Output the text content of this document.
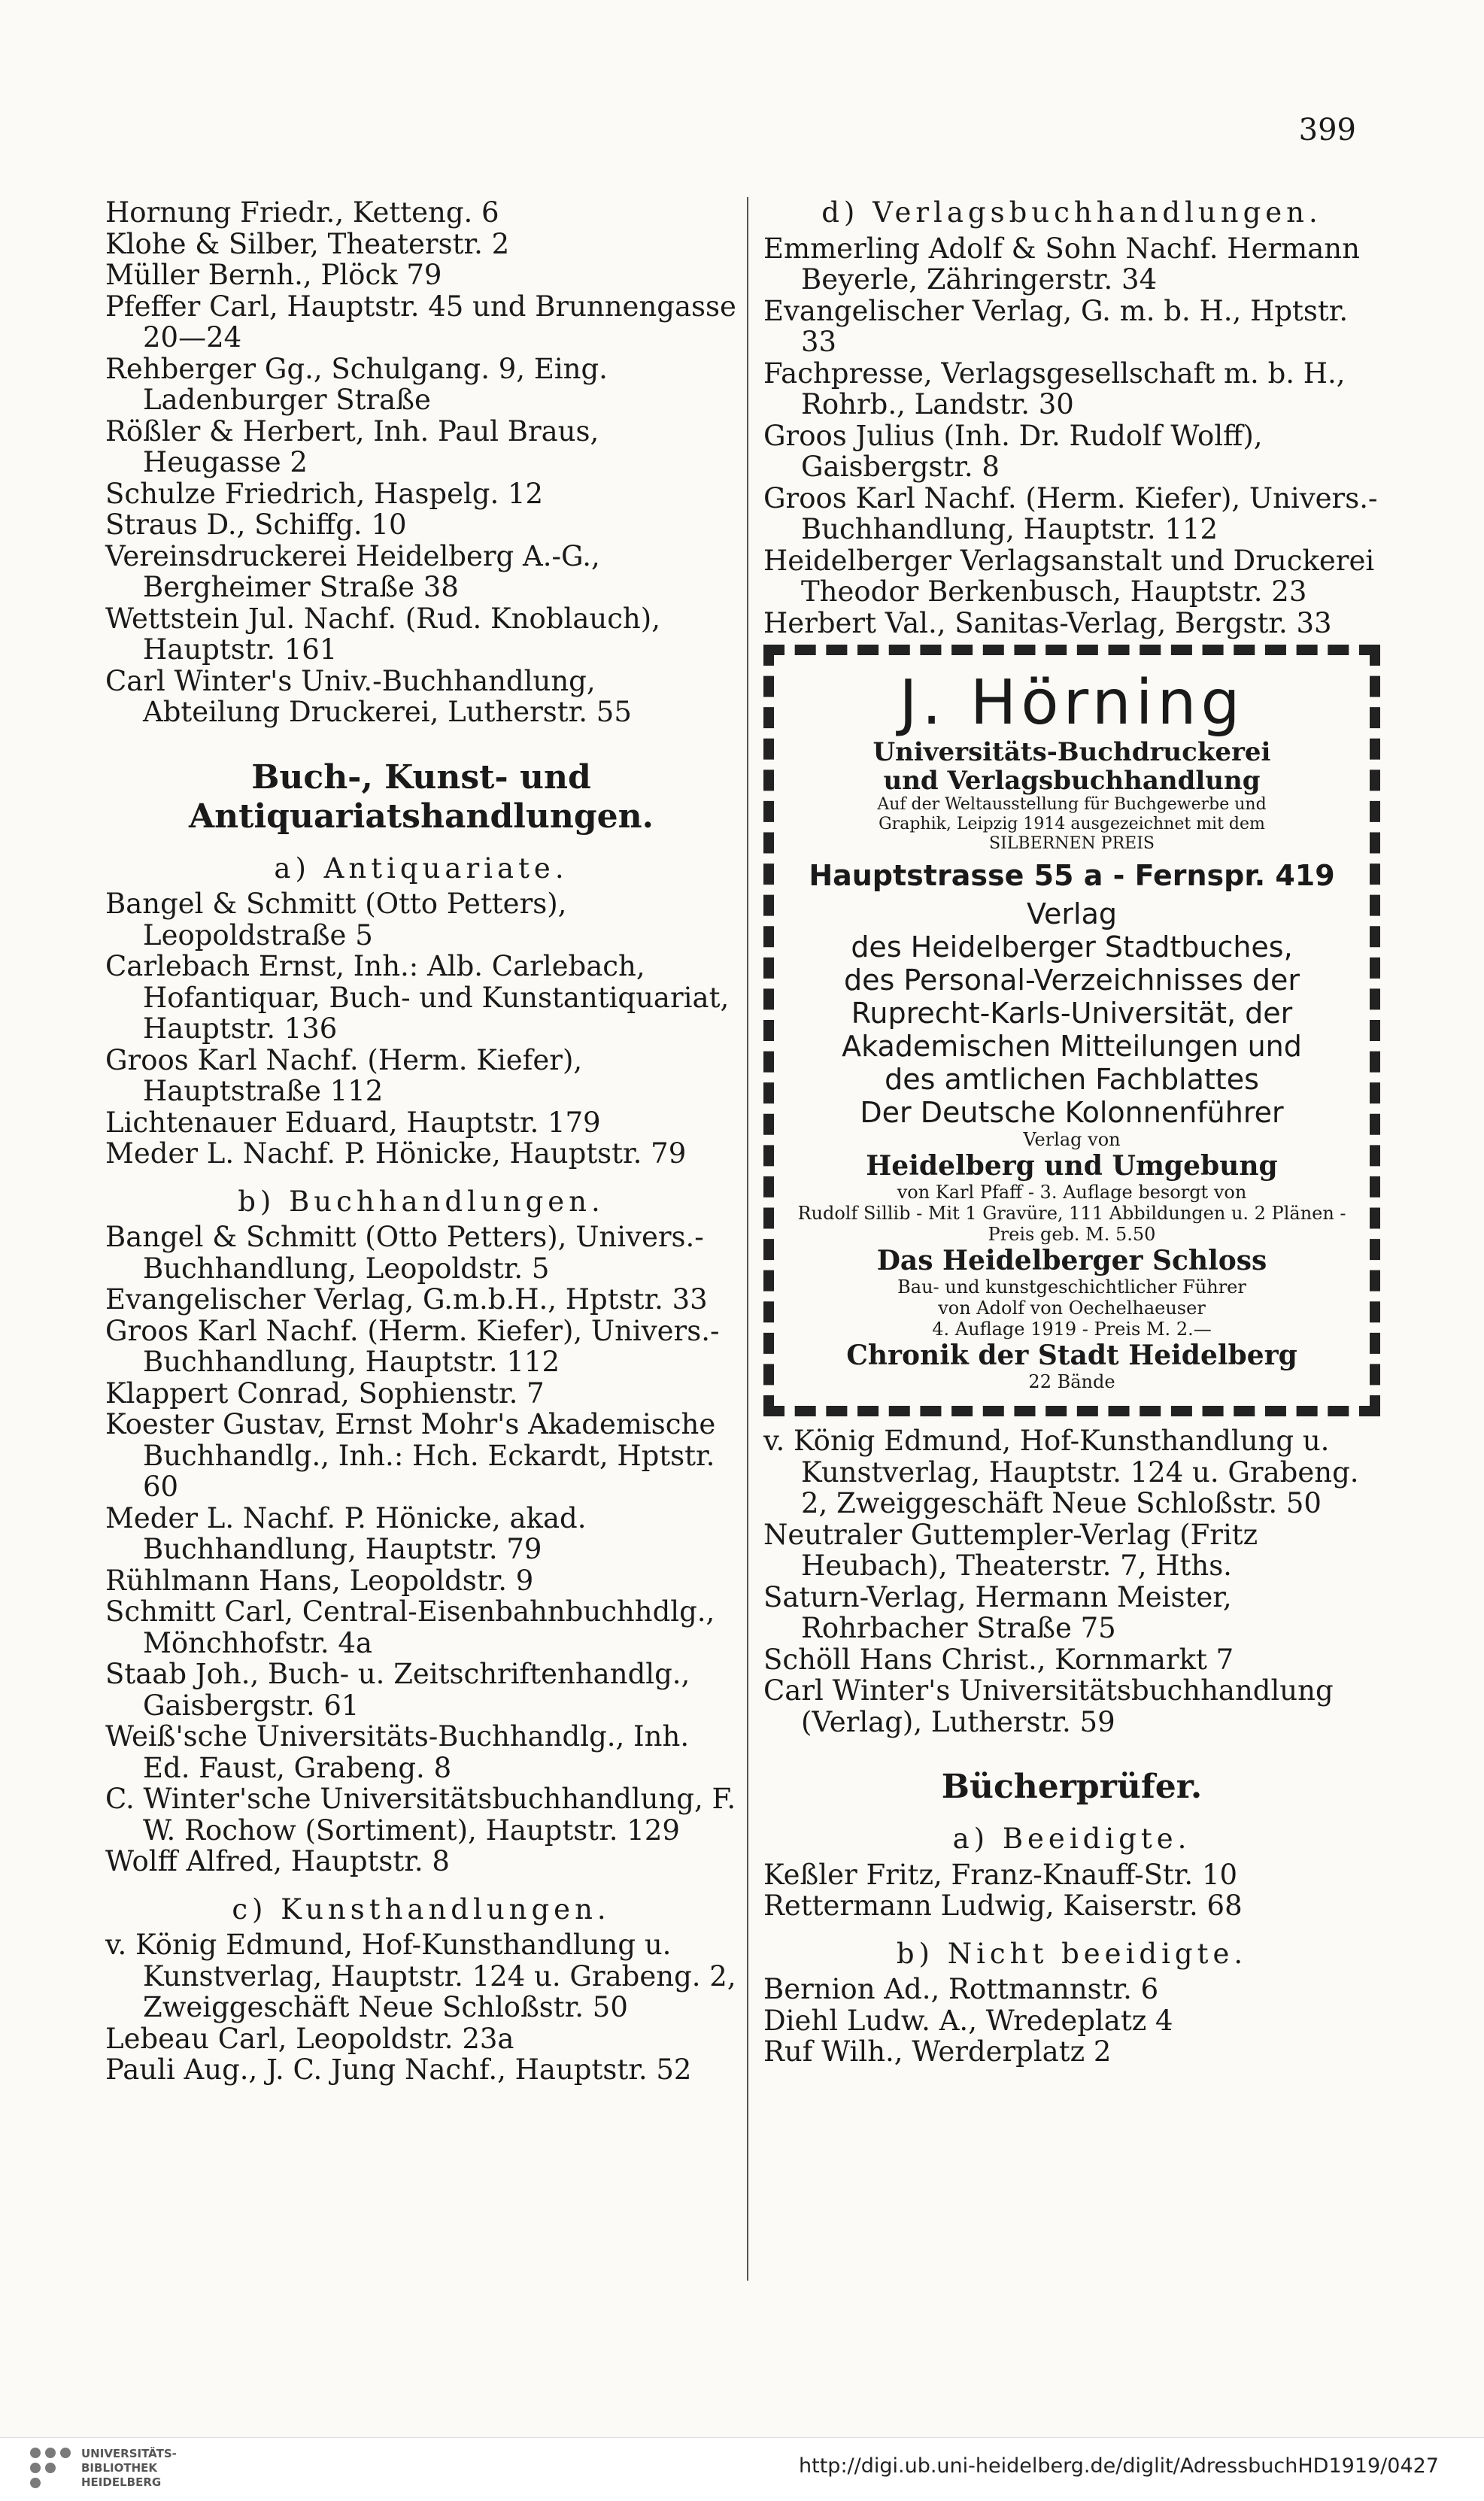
399
Hornung Friedr., Ketteng. 6
Klohe & Silber, Theaterstr. 2
Müller Bernh., Plöck 79
Pfeffer Carl, Hauptstr. 45 und Brunnengasse 20—24
Rehberger Gg., Schulgang. 9, Eing. Ladenburger Straße
Rößler & Herbert, Inh. Paul Braus, Heugasse 2
Schulze Friedrich, Haspelg. 12
Straus D., Schiffg. 10
Vereinsdruckerei Heidelberg A.-G., Bergheimer Straße 38
Wettstein Jul. Nachf. (Rud. Knoblauch), Hauptstr. 161
Carl Winter's Univ.-Buchhandlung, Abteilung Druckerei, Lutherstr. 55
Buch-, Kunst- und Antiquariatshandlungen.
a) Antiquariate.
Bangel & Schmitt (Otto Petters), Leopoldstraße 5
Carlebach Ernst, Inh.: Alb. Carlebach, Hofantiquar, Buch- und Kunstantiquariat, Hauptstr. 136
Groos Karl Nachf. (Herm. Kiefer), Hauptstraße 112
Lichtenauer Eduard, Hauptstr. 179
Meder L. Nachf. P. Hönicke, Hauptstr. 79
b) Buchhandlungen.
Bangel & Schmitt (Otto Petters), Univers.-Buchhandlung, Leopoldstr. 5
Evangelischer Verlag, G.m.b.H., Hptstr. 33
Groos Karl Nachf. (Herm. Kiefer), Univers.-Buchhandlung, Hauptstr. 112
Klappert Conrad, Sophienstr. 7
Koester Gustav, Ernst Mohr's Akademische Buchhandlg., Inh.: Hch. Eckardt, Hptstr. 60
Meder L. Nachf. P. Hönicke, akad. Buchhandlung, Hauptstr. 79
Rühlmann Hans, Leopoldstr. 9
Schmitt Carl, Central-Eisenbahnbuchhdlg., Mönchhofstr. 4a
Staab Joh., Buch- u. Zeitschriftenhandlg., Gaisbergstr. 61
Weiß'sche Universitäts-Buchhandlg., Inh. Ed. Faust, Grabeng. 8
C. Winter'sche Universitätsbuchhandlung, F. W. Rochow (Sortiment), Hauptstr. 129
Wolff Alfred, Hauptstr. 8
c) Kunsthandlungen.
v. König Edmund, Hof-Kunsthandlung u. Kunstverlag, Hauptstr. 124 u. Grabeng. 2, Zweiggeschäft Neue Schloßstr. 50
Lebeau Carl, Leopoldstr. 23a
Pauli Aug., J. C. Jung Nachf., Hauptstr. 52
d) Verlagsbuchhandlungen.
Emmerling Adolf & Sohn Nachf. Hermann Beyerle, Zähringerstr. 34
Evangelischer Verlag, G. m. b. H., Hptstr. 33
Fachpresse, Verlagsgesellschaft m. b. H., Rohrb., Landstr. 30
Groos Julius (Inh. Dr. Rudolf Wolff), Gaisbergstr. 8
Groos Karl Nachf. (Herm. Kiefer), Univers.-Buchhandlung, Hauptstr. 112
Heidelberger Verlagsanstalt und Druckerei Theodor Berkenbusch, Hauptstr. 23
Herbert Val., Sanitas-Verlag, Bergstr. 33
J. Hörning
Universitäts-Buchdruckerei
und Verlagsbuchhandlung
Auf der Weltausstellung für Buchgewerbe und
Graphik, Leipzig 1914 ausgezeichnet mit dem
SILBERNEN PREIS
Hauptstrasse 55 a - Fernspr. 419
Verlag
des Heidelberger Stadtbuches,
des Personal-Verzeichnisses der
Ruprecht-Karls-Universität, der
Akademischen Mitteilungen und
des amtlichen Fachblattes
Der Deutsche Kolonnenführer
Verlag von
Heidelberg und Umgebung
von Karl Pfaff - 3. Auflage besorgt von
Rudolf Sillib - Mit 1 Gravüre, 111 Abbildungen u. 2 Plänen - Preis geb. M. 5.50
Das Heidelberger Schloss
Bau- und kunstgeschichtlicher Führer
von Adolf von Oechelhaeuser
4. Auflage 1919 - Preis M. 2.—
Chronik der Stadt Heidelberg
22 Bände
v. König Edmund, Hof-Kunsthandlung u. Kunstverlag, Hauptstr. 124 u. Grabeng. 2, Zweiggeschäft Neue Schloßstr. 50
Neutraler Guttempler-Verlag (Fritz Heubach), Theaterstr. 7, Hths.
Saturn-Verlag, Hermann Meister, Rohrbacher Straße 75
Schöll Hans Christ., Kornmarkt 7
Carl Winter's Universitätsbuchhandlung (Verlag), Lutherstr. 59
Bücherprüfer.
a) Beeidigte.
Keßler Fritz, Franz-Knauff-Str. 10
Rettermann Ludwig, Kaiserstr. 68
b) Nicht beeidigte.
Bernion Ad., Rottmannstr. 6
Diehl Ludw. A., Wredeplatz 4
Ruf Wilh., Werderplatz 2
UNIVERSITÄTS-
BIBLIOTHEK
HEIDELBERG
http://digi.ub.uni-heidelberg.de/diglit/AdressbuchHD1919/0427
